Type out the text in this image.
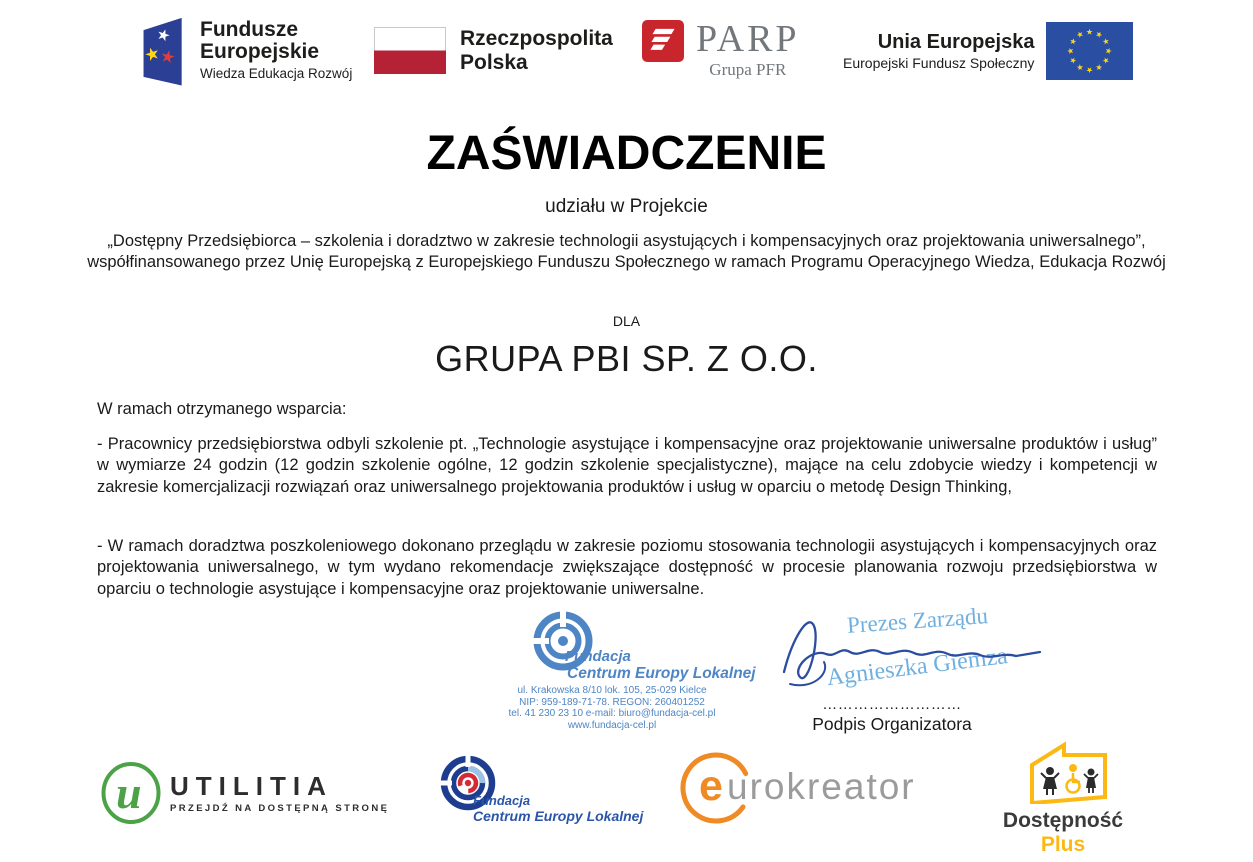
Fundusze
Europejskie
Wiedza Edukacja Rozwój
Rzeczpospolita
Polska
PARP
Grupa PFR
Unia Europejska
Europejski Fundusz Społeczny
ZAŚWIADCZENIE
udziału w Projekcie
„Dostępny Przedsiębiorca – szkolenia i doradztwo w zakresie technologii asystujących i kompensacyjnych oraz projektowania uniwersalnego”, współfinansowanego przez Unię Europejską z Europejskiego Funduszu Społecznego w ramach Programu Operacyjnego Wiedza, Edukacja Rozwój
DLA
GRUPA PBI SP. Z O.O.
W ramach otrzymanego wsparcia:
- Pracownicy przedsiębiorstwa odbyli szkolenie pt. „Technologie asystujące i kompensacyjne oraz projektowanie uniwersalne produktów i usług” w wymiarze 24 godzin (12 godzin szkolenie ogólne, 12 godzin szkolenie specjalistyczne), mające na celu zdobycie wiedzy i kompetencji w zakresie komercjalizacji rozwiązań oraz uniwersalnego projektowania produktów i usług w oparciu o metodę Design Thinking,
- W ramach doradztwa poszkoleniowego dokonano przeglądu w zakresie poziomu stosowania technologii asystujących i kompensacyjnych oraz projektowania uniwersalnego, w tym wydano rekomendacje zwiększające dostępność w procesie planowania rozwoju przedsiębiorstwa w oparciu o technologie asystujące i kompensacyjne oraz projektowanie uniwersalne.
Fundacja
Centrum Europy Lokalnej
ul. Krakowska 8/10 lok. 105, 25-029 Kielce
NIP: 959-189-71-78. REGON: 260401252
tel. 41 230 23 10 e-mail: biuro@fundacja-cel.pl
www.fundacja-cel.pl
Prezes Zarządu
Agnieszka Giemza
………………………
Podpis Organizatora
u UTILITIA
PRZEJDŹ NA DOSTĘPNĄ STRONĘ	Fundacja
Centrum Europy Lokalnej
e urokreator
Dostępność Plus
